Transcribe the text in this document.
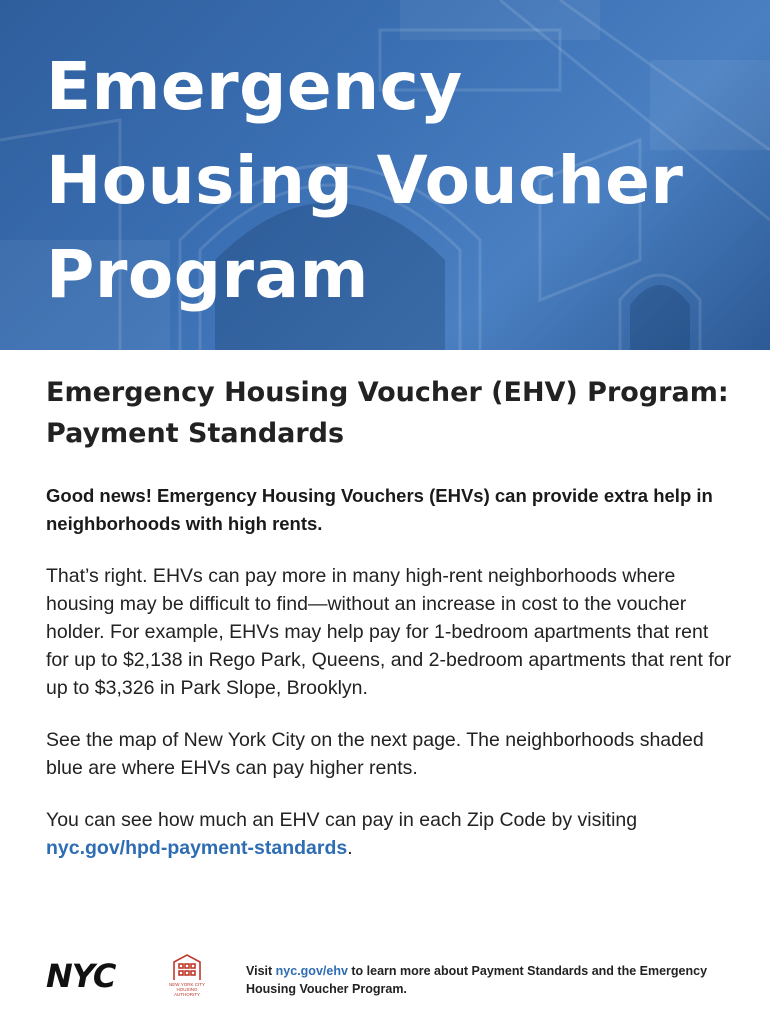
Emergency
Housing Voucher
Program
Emergency Housing Voucher (EHV) Program:
Payment Standards

Good news! Emergency Housing Vouchers (EHVs) can provide extra help in neighborhoods with high rents.

That’s right. EHVs can pay more in many high-rent neighborhoods where housing may be difficult to find—without an increase in cost to the voucher holder. For example, EHVs may help pay for 1-bedroom apartments that rent for up to $2,138 in Rego Park, Queens, and 2-bedroom apartments that rent for up to $3,326 in Park Slope, Brooklyn.

See the map of New York City on the next page. The neighborhoods shaded blue are where EHVs can pay higher rents.

You can see how much an EHV can pay in each Zip Code by visiting nyc.gov/hpd-payment-standards.

NYC	NEW YORK CITY HOUSING AUTHORITY
Visit nyc.gov/ehv to learn more about Payment Standards and the Emergency Housing Voucher Program.
